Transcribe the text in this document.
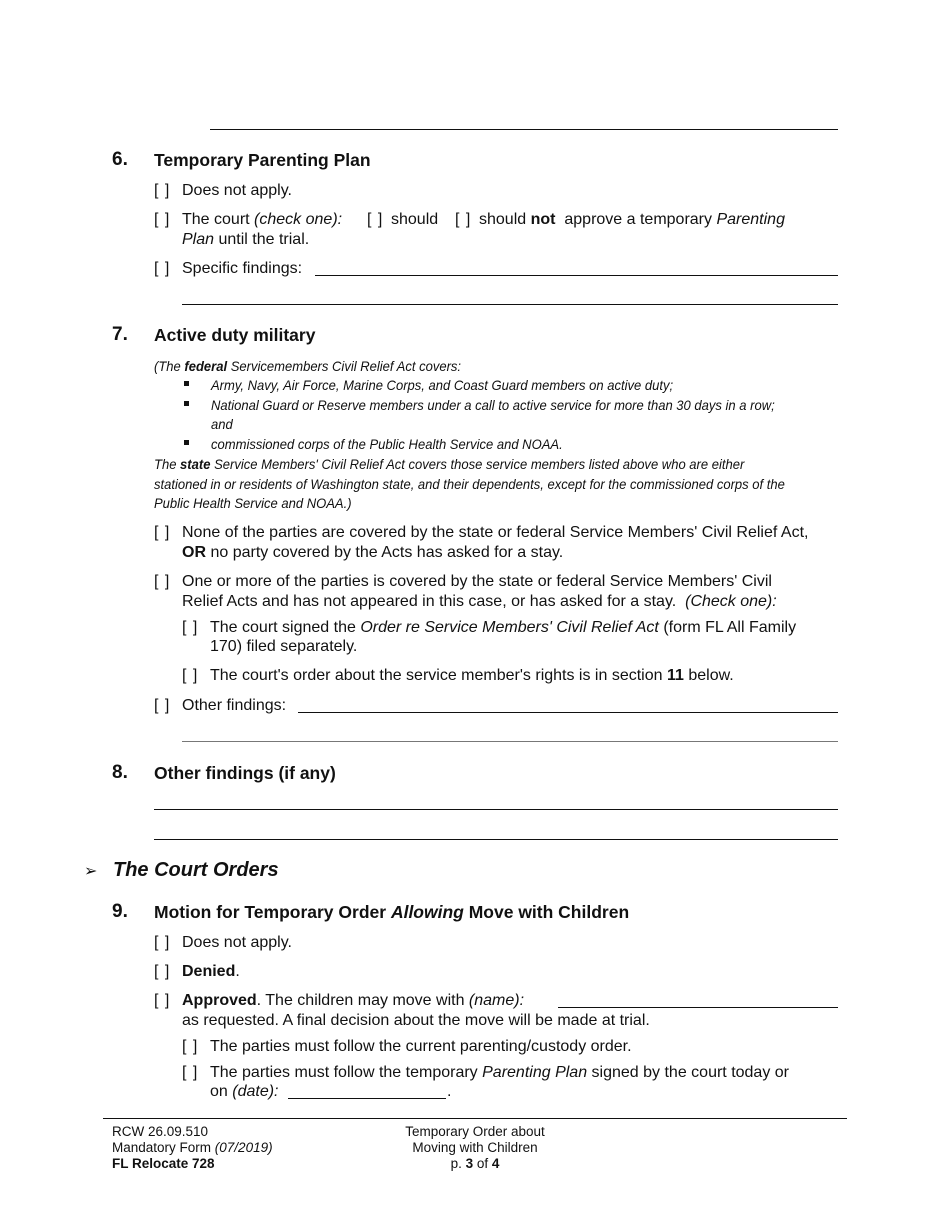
6. Temporary Parenting Plan
[ ] Does not apply.
[ ] The court (check one): [ ] should [ ] should not approve a temporary Parenting
Plan until the trial.
[ ] Specific findings:
7. Active duty military
(The federal Servicemembers Civil Relief Act covers:
Army, Navy, Air Force, Marine Corps, and Coast Guard members on active duty;
National Guard or Reserve members under a call to active service for more than 30 days in a row;
and
commissioned corps of the Public Health Service and NOAA.
The state Service Members' Civil Relief Act covers those service members listed above who are either
stationed in or residents of Washington state, and their dependents, except for the commissioned corps of the
Public Health Service and NOAA.)
[ ] None of the parties are covered by the state or federal Service Members' Civil Relief Act,
OR no party covered by the Acts has asked for a stay.
[ ] One or more of the parties is covered by the state or federal Service Members' Civil
Relief Acts and has not appeared in this case, or has asked for a stay. (Check one):
[ ] The court signed the Order re Service Members' Civil Relief Act (form FL All Family
170) filed separately.
[ ] The court's order about the service member's rights is in section 11 below.
[ ] Other findings:
8. Other findings (if any)
➢ The Court Orders
9. Motion for Temporary Order Allowing Move with Children
[ ] Does not apply.
[ ] Denied.
[ ] Approved. The children may move with (name):
as requested. A final decision about the move will be made at trial.
[ ] The parties must follow the current parenting/custody order.
[ ] The parties must follow the temporary Parenting Plan signed by the court today or
on (date):	.
RCW 26.09.510
Mandatory Form (07/2019)
FL Relocate 728
Temporary Order about
Moving with Children
p. 3 of 4
